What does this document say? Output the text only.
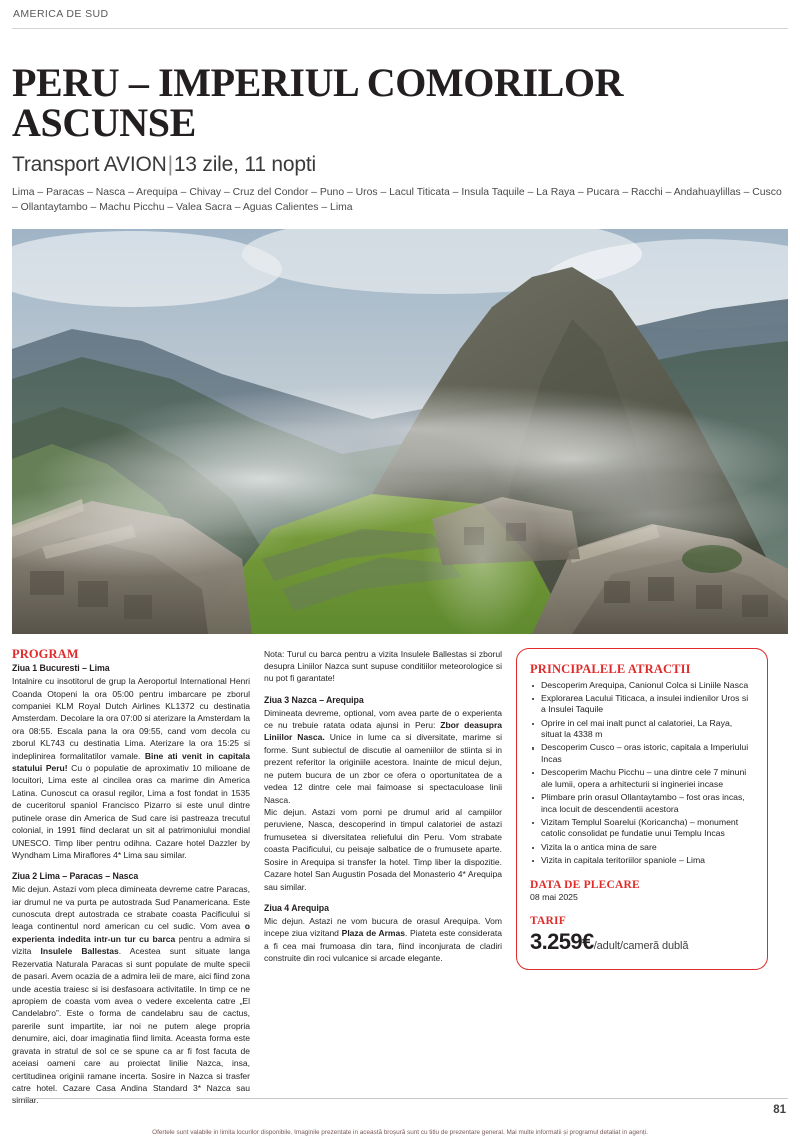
AMERICA DE SUD
PERU – IMPERIUL COMORILOR ASCUNSE
Transport AVION|13 zile, 11 nopti
Lima – Paracas – Nasca – Arequipa – Chivay – Cruz del Condor – Puno – Uros – Lacul Titicata – Insula Taquile – La Raya – Pucara – Racchi – Andahuaylillas – Cusco – Ollantaytambo – Machu Picchu – Valea Sacra – Aguas Calientes – Lima
PROGRAM
Ziua 1 Bucuresti – Lima

Intalnire cu insotitorul de grup la Aeroportul International Henri Coanda Otopeni la ora 05:00 pentru imbarcare pe zborul companiei KLM Royal Dutch Airlines KL1372 cu destinatia Amsterdam. Decolare la ora 07:00 si aterizare la Amsterdam la ora 08:55. Escala pana la ora 09:55, cand vom decola cu zborul KL743 cu destinatia Lima. Aterizare la ora 15:25 si indeplinirea formalitatilor vamale. Bine ati venit in capitala statului Peru! Cu o populatie de aproximativ 10 milioane de locuitori, Lima este al cincilea oras ca marime din America Latina. Cunoscut ca orasul regilor, Lima a fost fondat in 1535 de cuceritorul spaniol Francisco Pizarro si este unul dintre putinele orase din America de Sud care isi pastreaza trecutul colonial, in 1991 fiind declarat un sit al patrimoniului mondial UNESCO. Timp liber pentru odihna. Cazare hotel Dazzler by Wyndham Lima Miraflores 4* Lima sau similar.

Ziua 2 Lima – Paracas – Nasca

Mic dejun. Astazi vom pleca dimineata devreme catre Paracas, iar drumul ne va purta pe autostrada Sud Panamericana. Este cunoscuta drept autostrada ce strabate coasta Pacificului si leaga continentul nord american cu cel sudic. Vom avea o experienta indedita intr-un tur cu barca pentru a admira si vizita Insulele Ballestas. Acestea sunt situate langa Rezervatia Naturala Paracas si sunt populate de multe specii de pasari. Avem ocazia de a admira leii de mare, aici fiind zona unde acestia traiesc si isi desfasoara activitatile. In timp ce ne apropiem de coasta vom avea o vedere excelenta catre „El Candelabro”. Este o forma de candelabru sau de cactus, parerile sunt impartite, iar noi ne putem alege propria denumire, aici, doar imaginatia fiind limita. Aceasta forma este gravata in stratul de sol ce se spune ca ar fi fost facuta de aceiasi oameni care au proiectat linilie Nazca, insa, certitudinea originii ramane incerta. Sosire in Nazca si trasfer catre hotel. Cazare Casa Andina Standard 3* Nazca sau similar.

Nota: Turul cu barca pentru a vizita Insulele Ballestas si zborul desupra Liniilor Nazca sunt supuse conditiilor meteorologice si nu pot fi garantate!

Ziua 3 Nazca – Arequipa

Dimineata devreme, optional, vom avea parte de o experienta ce nu trebuie ratata odata ajunsi in Peru: Zbor deasupra Liniilor Nasca. Unice in lume ca si diversitate, marime si forme. Sunt subiectul de discutie al oameniilor de stiinta si in prezent referitor la originiile acestora. Inainte de micul dejun, ne putem bucura de un zbor ce ofera o oportunitatea de a vedea 12 dintre cele mai faimoase si spectaculoase linii Nasca.

Mic dejun. Astazi vom porni pe drumul arid al campiilor peruviene, Nasca, descoperind in timpul calatoriei de astazi frumusetea si diversitatea reliefului din Peru. Vom strabate coasta Pacificului, cu peisaje salbatice de o frumusete aparte. Sosire in Arequipa si transfer la hotel. Timp liber la dispozitie. Cazare hotel San Augustin Posada del Monasterio 4* Arequipa sau similar.

Ziua 4 Arequipa

Mic dejun. Astazi ne vom bucura de orasul Arequipa. Vom incepe ziua vizitand Plaza de Armas. Piateta este considerata a fi cea mai frumoasa din tara, fiind inconjurata de cladiri construite din roci vulcanice si arcade elegante.

PRINCIPALELE ATRACTII
Descoperim Arequipa, Canionul Colca si Liniile Nasca
Explorarea Lacului Titicaca, a insulei indienilor Uros si a Insulei Taquile
Oprire in cel mai inalt punct al calatoriei, La Raya, situat la 4338 m
Descoperim Cusco – oras istoric, capitala a Imperiului Incas
Descoperim Machu Picchu – una dintre cele 7 minuni ale lumii, opera a arhitecturii si ingineriei incase
Plimbare prin orasul Ollantaytambo – fost oras incas, inca locuit de descendentii acestora
Vizitam Templul Soarelui (Koricancha) – monument catolic consolidat pe fundatie unui Templu Incas
Vizita la o antica mina de sare
Vizita in capitala teritoriilor spaniole – Lima
DATA DE PLECARE
08 mai 2025
TARIF
3.259€ /adult/cameră dublă
81
Ofertele sunt valabile in limita locurilor disponibile. Imaginile prezentate in această broșură sunt cu titlu de prezentare general. Mai multe informatii și programul detaliat in agenți.
